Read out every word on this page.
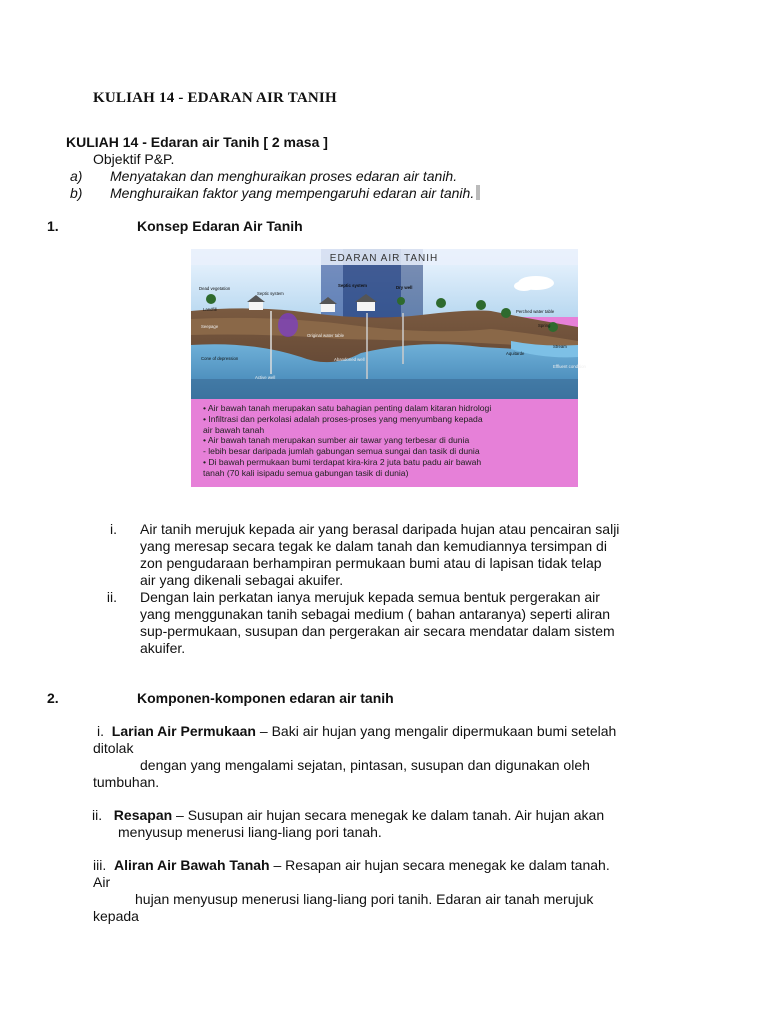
KULIAH 14 - EDARAN AIR TANIH
KULIAH 14 - Edaran air Tanih [ 2 masa ]
Objektif P&P.
a) Menyatakan dan menghuraikan proses edaran air tanih.
b) Menghuraikan faktor yang mempengaruhi edaran air tanih.
1.	Konsep Edaran Air Tanih
EDARAN AIR TANIH
Dead vegetation
Septic system
Septic system	Dry well
Landfill
Seepage
Perched water table
Spring
Original water table
Cone of depression
Stream
Aquitarde
Active well
Abandoned well
Effluent condition
• Air bawah tanah merupakan satu bahagian penting dalam kitaran hidrologi
• Infiltrasi dan perkolasi adalah proses-proses yang menyumbang kepada
air bawah tanah
• Air bawah tanah merupakan sumber air tawar yang terbesar di dunia
- lebih besar daripada jumlah gabungan semua sungai dan tasik di dunia
• Di bawah permukaan bumi terdapat kira-kira 2 juta batu padu air bawah
tanah (70 kali isipadu semua gabungan tasik di dunia)
i. Air tanih merujuk kepada air yang berasal daripada hujan atau pencairan salji
yang meresap secara tegak ke dalam tanah dan kemudiannya tersimpan di
zon pengudaraan berhampiran permukaan bumi atau di lapisan tidak telap
air yang dikenali sebagai akuifer.
ii. Dengan lain perkatan ianya merujuk kepada semua bentuk pergerakan air
yang menggunakan tanih sebagai medium ( bahan antaranya) seperti aliran
sup-permukaan, susupan dan pergerakan air secara mendatar dalam sistem
akuifer.
2.	Komponen-komponen edaran air tanih
i. Larian Air Permukaan – Baki air hujan yang mengalir dipermukaan bumi setelah
ditolak
dengan yang mengalami sejatan, pintasan, susupan dan digunakan oleh
tumbuhan.
ii. Resapan – Susupan air hujan secara menegak ke dalam tanah. Air hujan akan
menyusup menerusi liang-liang pori tanah.
iii. Aliran Air Bawah Tanah – Resapan air hujan secara menegak ke dalam tanah.
Air
hujan menyusup menerusi liang-liang pori tanih. Edaran air tanah merujuk
kepada
